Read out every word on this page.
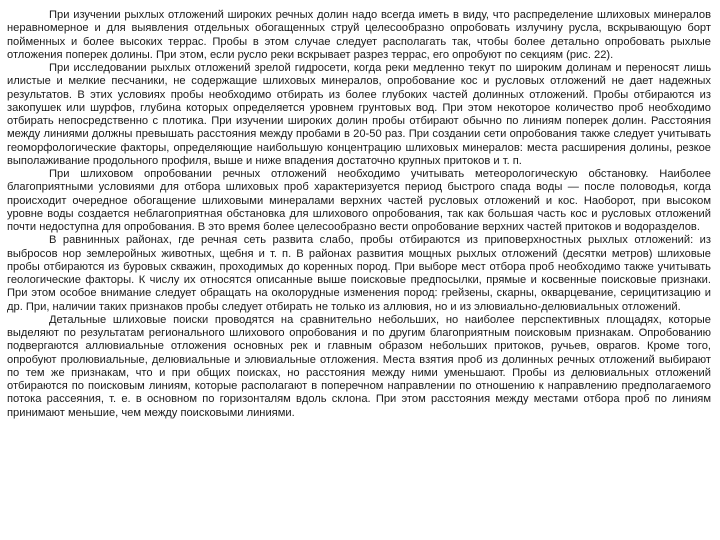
При изучении рыхлых отложений широких речных долин надо всегда иметь в виду, что распределение шлиховых минералов неравномерное и для выявления отдельных обогащенных струй целесообразно опробовать излучину русла, вскрывающую борт пойменных и более высоких террас. Пробы в этом случае следует располагать так, чтобы более детально опробовать рыхлые отложения поперек долины. При этом, если русло реки вскрывает разрез террас, его опробуют по секциям (рис. 22).

При исследовании рыхлых отложений зрелой гидросети, когда реки медленно текут по широким долинам и переносят лишь илистые и мелкие песчаники, не содержащие шлиховых минералов, опробование кос и русловых отложений не дает надежных результатов. В этих условиях пробы необходимо отбирать из более глубоких частей долинных отложений. Пробы отбираются из закопушек или шурфов, глубина которых определяется уровнем грунтовых вод. При этом некоторое количество проб необходимо отбирать непосредственно с плотика. При изучении широких долин пробы отбирают обычно по линиям поперек долин. Расстояния между линиями должны превышать расстояния между пробами в 20-50 раз. При создании сети опробования также следует учитывать геоморфологические факторы, определяющие наибольшую концентрацию шлиховых минералов: места расширения долины, резкое выполаживание продольного профиля, выше и ниже впадения достаточно крупных притоков и т. п.

При шлиховом опробовании речных отложений необходимо учитывать метеорологическую обстановку. Наиболее благоприятными условиями для отбора шлиховых проб характеризуется период быстрого спада воды — после половодья, когда происходит очередное обогащение шлиховыми минералами верхних частей русловых отложений и кос. Наоборот, при высоком уровне воды создается неблагоприятная обстановка для шлихового опробования, так как большая часть кос и русловых отложений почти недоступна для опробования. В это время более целесообразно вести опробование верхних частей притоков и водоразделов.

В равнинных районах, где речная сеть развита слабо, пробы отбираются из приповерхностных рыхлых отложений: из выбросов нор землеройных животных, щебня и т. п. В районах развития мощных рыхлых отложений (десятки метров) шлиховые пробы отбираются из буровых скважин, проходимых до коренных пород. При выборе мест отбора проб необходимо также учитывать геологические факторы. К числу их относятся описанные выше поисковые предпосылки, прямые и косвенные поисковые признаки. При этом особое внимание следует обращать на околорудные изменения пород: грейзены, скарны, окварцевание, серицитизацию и др. При, наличии таких признаков пробы следует отбирать не только из аллювия, но и из элювиально-делювиальных отложений.

Детальные шлиховые поиски проводятся на сравнительно небольших, но наиболее перспективных площадях, которые выделяют по результатам регионального шлихового опробования и по другим благоприятным поисковым признакам. Опробованию подвергаются аллювиальные отложения основных рек и главным образом небольших притоков, ручьев, оврагов. Кроме того, опробуют пролювиальные, делювиальные и элювиальные отложения. Места взятия проб из долинных речных отложений выбирают по тем же признакам, что и при общих поисках, но расстояния между ними уменьшают. Пробы из делювиальных отложений отбираются по поисковым линиям, которые располагают в поперечном направлении по отношению к направлению предполагаемого потока рассеяния, т. е. в основном по горизонталям вдоль склона. При этом расстояния между местами отбора проб по линиям принимают меньшие, чем между поисковыми линиями.
